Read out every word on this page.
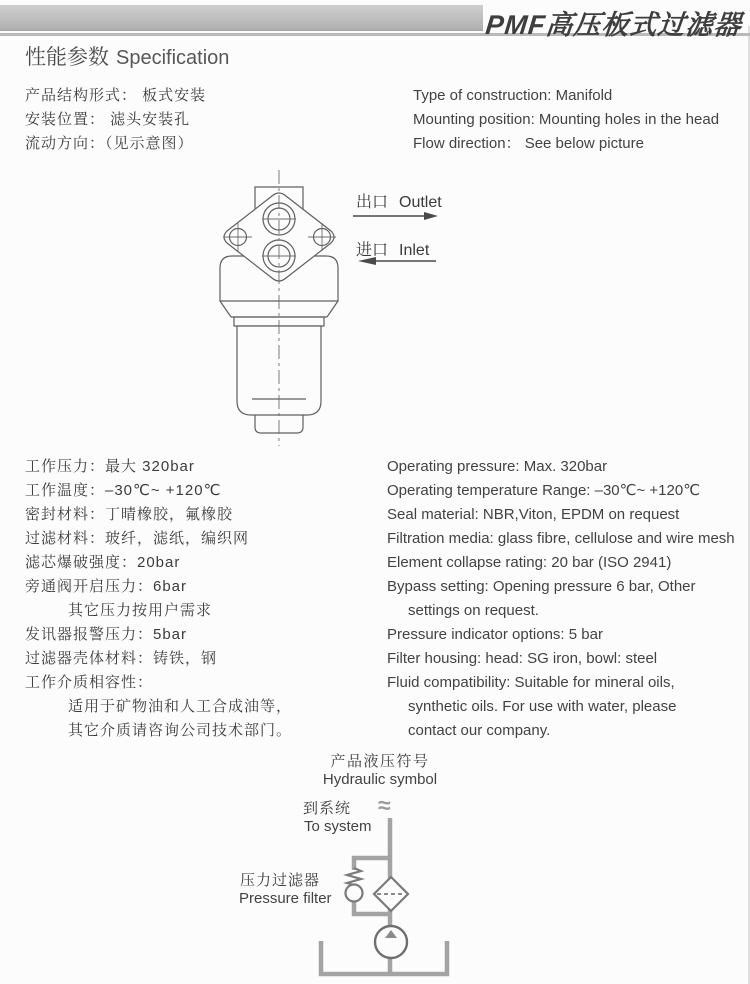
PMF高压板式过滤器
性能参数 Specification
产品结构形式： 板式安装
安装位置： 滤头安装孔
流动方向：（见示意图）
Type of construction: Manifold
Mounting position: Mounting holes in the head
Flow direction： See below picture
出口 Outlet
进口 Inlet
工作压力：最大 320bar
工作温度：–30℃~ +120℃
密封材料：丁晴橡胶，氟橡胶
过滤材料：玻纤，滤纸，编织网
滤芯爆破强度：20bar
旁通阀开启压力：6bar
其它压力按用户需求
发讯器报警压力：5bar
过滤器壳体材料：铸铁，钢
工作介质相容性：
适用于矿物油和人工合成油等，
其它介质请咨询公司技术部门。
Operating pressure: Max. 320bar
Operating temperature Range: –30℃~ +120℃
Seal material: NBR,Viton, EPDM on request
Filtration media: glass fibre, cellulose and wire mesh
Element collapse rating: 20 bar (ISO 2941)
Bypass setting: Opening pressure 6 bar, Other
settings on request.
Pressure indicator options: 5 bar
Filter housing: head: SG iron, bowl: steel
Fluid compatibility: Suitable for mineral oils,
synthetic oils. For use with water, please
contact our company.
产品液压符号
Hydraulic symbol
到系统
To system
压力过滤器
Pressure filter
≈
